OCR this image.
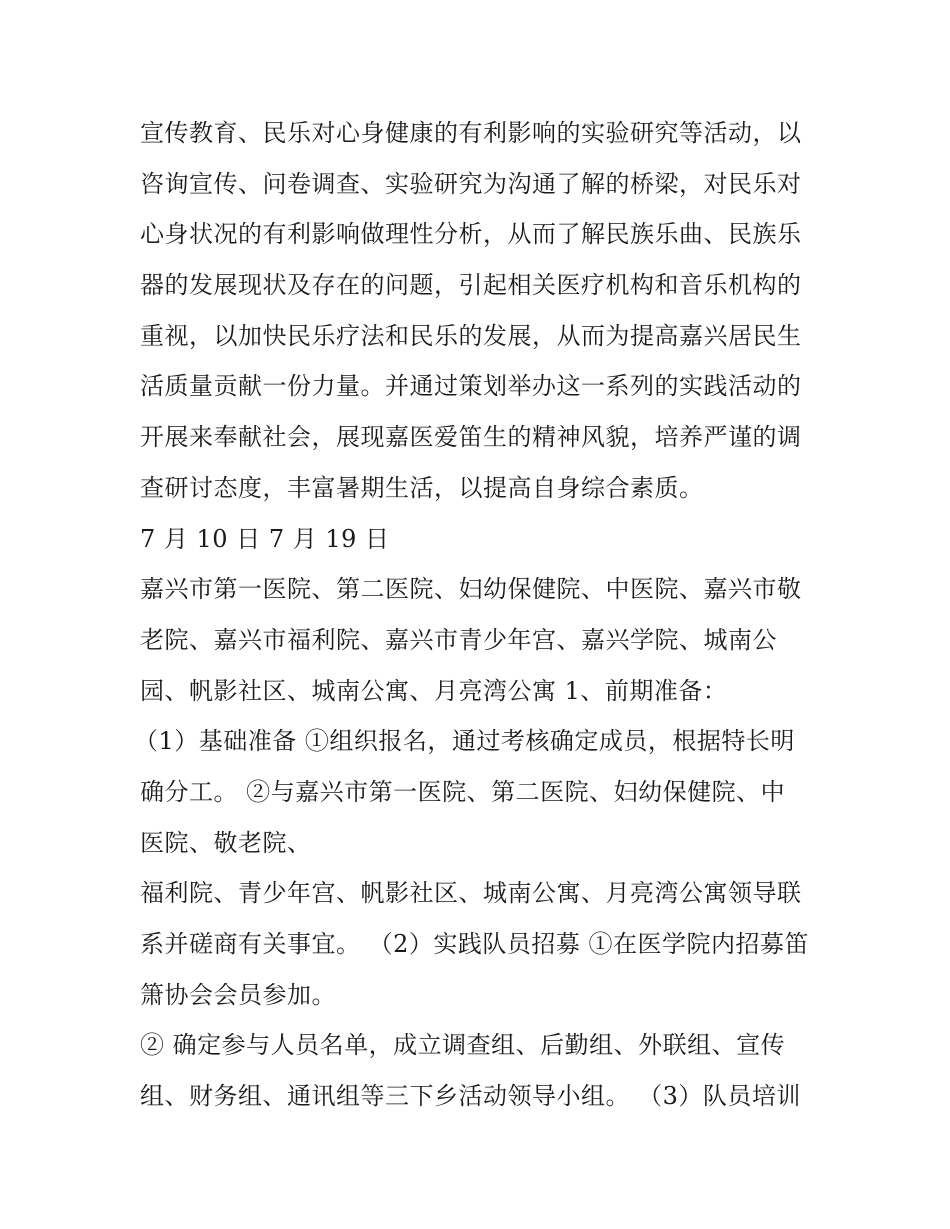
宣传教育、民乐对心身健康的有利影响的实验研究等活动，以
咨询宣传、问卷调查、实验研究为沟通了解的桥梁，对民乐对
心身状况的有利影响做理性分析，从而了解民族乐曲、民族乐
器的发展现状及存在的问题，引起相关医疗机构和音乐机构的
重视，以加快民乐疗法和民乐的发展，从而为提高嘉兴居民生
活质量贡献一份力量。并通过策划举办这一系列的实践活动的
开展来奉献社会，展现嘉医爱笛生的精神风貌，培养严谨的调
查研讨态度，丰富暑期生活，以提高自身综合素质。
7 月 10 日 7 月 19 日
嘉兴市第一医院、第二医院、妇幼保健院、中医院、嘉兴市敬
老院、嘉兴市福利院、嘉兴市青少年宫、嘉兴学院、城南公
园、帆影社区、城南公寓、月亮湾公寓 1、前期准备：
（1）基础准备 ①组织报名，通过考核确定成员，根据特长明
确分工。 ②与嘉兴市第一医院、第二医院、妇幼保健院、中
医院、敬老院、
福利院、青少年宫、帆影社区、城南公寓、月亮湾公寓领导联
系并磋商有关事宜。 （2）实践队员招募 ①在医学院内招募笛
箫协会会员参加。
② 确定参与人员名单，成立调查组、后勤组、外联组、宣传
组、财务组、通讯组等三下乡活动领导小组。 （3）队员培训
